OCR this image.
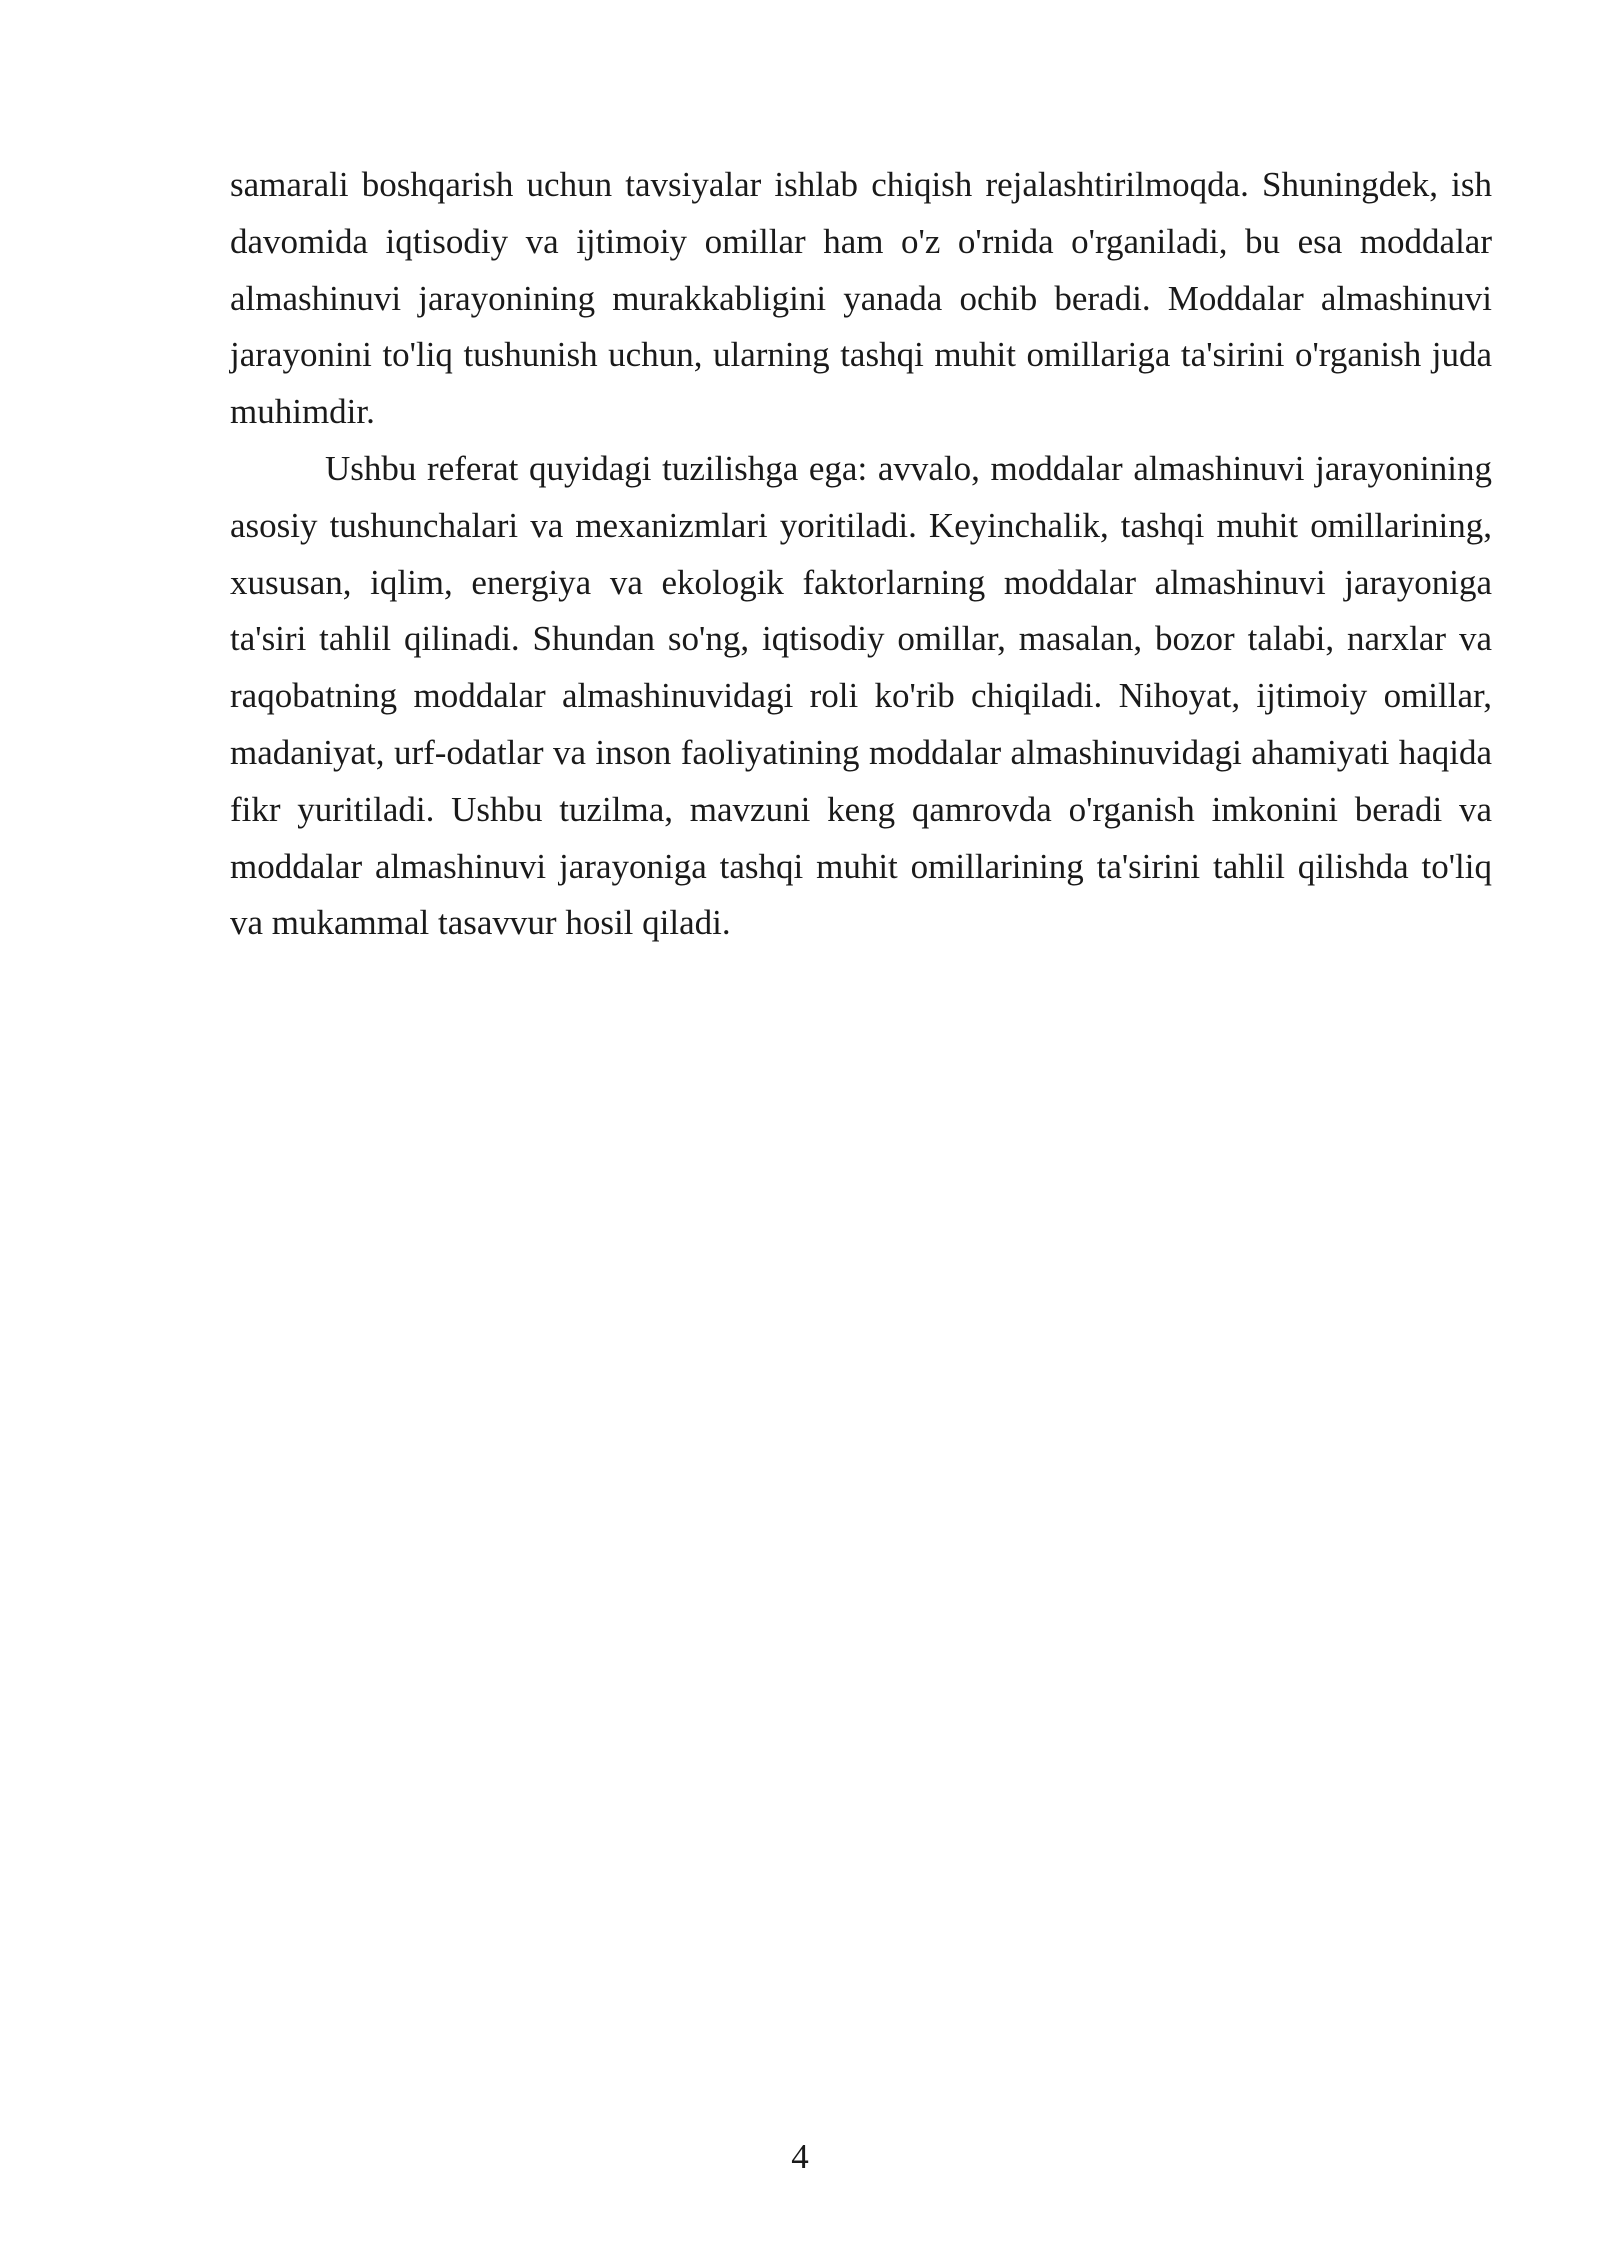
samarali boshqarish uchun tavsiyalar ishlab chiqish rejalashtirilmoqda. Shuningdek, ish davomida iqtisodiy va ijtimoiy omillar ham o'z o'rnida o'rganiladi, bu esa moddalar almashinuvi jarayonining murakkabligini yanada ochib beradi. Moddalar almashinuvi jarayonini to'liq tushunish uchun, ularning tashqi muhit omillariga ta'sirini o'rganish juda muhimdir.

Ushbu referat quyidagi tuzilishga ega: avvalo, moddalar almashinuvi jarayonining asosiy tushunchalari va mexanizmlari yoritiladi. Keyinchalik, tashqi muhit omillarining, xususan, iqlim, energiya va ekologik faktorlarning moddalar almashinuvi jarayoniga ta'siri tahlil qilinadi. Shundan so'ng, iqtisodiy omillar, masalan, bozor talabi, narxlar va raqobatning moddalar almashinuvidagi roli ko'rib chiqiladi. Nihoyat, ijtimoiy omillar, madaniyat, urf-odatlar va inson faoliyatining moddalar almashinuvidagi ahamiyati haqida fikr yuritiladi. Ushbu tuzilma, mavzuni keng qamrovda o'rganish imkonini beradi va moddalar almashinuvi jarayoniga tashqi muhit omillarining ta'sirini tahlil qilishda to'liq va mukammal tasavvur hosil qiladi.

4
